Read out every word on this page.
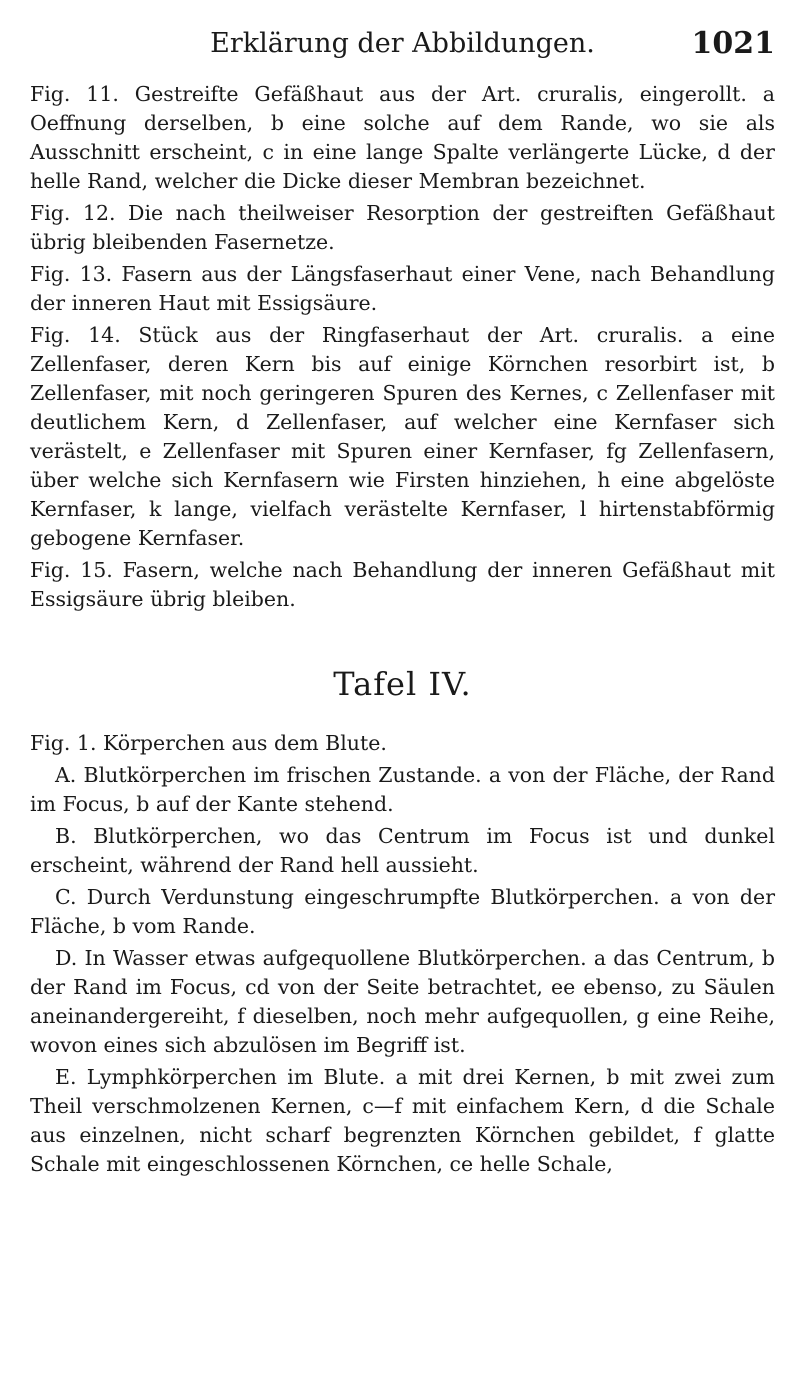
Erklärung der Abbildungen.	1021

Fig. 11. Gestreifte Gefäßhaut aus der Art. cruralis, eingerollt. a Oeffnung derselben, b eine solche auf dem Rande, wo sie als Ausschnitt erscheint, c in eine lange Spalte verlängerte Lücke, d der helle Rand, welcher die Dicke dieser Membran bezeichnet.

Fig. 12. Die nach theilweiser Resorption der gestreiften Gefäßhaut übrig bleibenden Fasernetze.

Fig. 13. Fasern aus der Längsfaserhaut einer Vene, nach Behandlung der inneren Haut mit Essigsäure.

Fig. 14. Stück aus der Ringfaserhaut der Art. cruralis. a eine Zellenfaser, deren Kern bis auf einige Körnchen resorbirt ist, b Zellenfaser, mit noch geringeren Spuren des Kernes, c Zellenfaser mit deutlichem Kern, d Zellenfaser, auf welcher eine Kernfaser sich verästelt, e Zellenfaser mit Spuren einer Kernfaser, fg Zellenfasern, über welche sich Kernfasern wie Firsten hinziehen, h eine abgelöste Kernfaser, k lange, vielfach verästelte Kernfaser, l hirtenstabförmig gebogene Kernfaser.

Fig. 15. Fasern, welche nach Behandlung der inneren Gefäßhaut mit Essigsäure übrig bleiben.

Tafel IV.

Fig. 1. Körperchen aus dem Blute.

A. Blutkörperchen im frischen Zustande. a von der Fläche, der Rand im Focus, b auf der Kante stehend.

B. Blutkörperchen, wo das Centrum im Focus ist und dunkel erscheint, während der Rand hell aussieht.

C. Durch Verdunstung eingeschrumpfte Blutkörperchen. a von der Fläche, b vom Rande.

D. In Wasser etwas aufgequollene Blutkörperchen. a das Centrum, b der Rand im Focus, cd von der Seite betrachtet, ee ebenso, zu Säulen aneinandergereiht, f dieselben, noch mehr aufgequollen, g eine Reihe, wovon eines sich abzulösen im Begriff ist.

E. Lymphkörperchen im Blute. a mit drei Kernen, b mit zwei zum Theil verschmolzenen Kernen, c—f mit einfachem Kern, d die Schale aus einzelnen, nicht scharf begrenzten Körnchen gebildet, f glatte Schale mit eingeschlossenen Körnchen, ce helle Schale,
